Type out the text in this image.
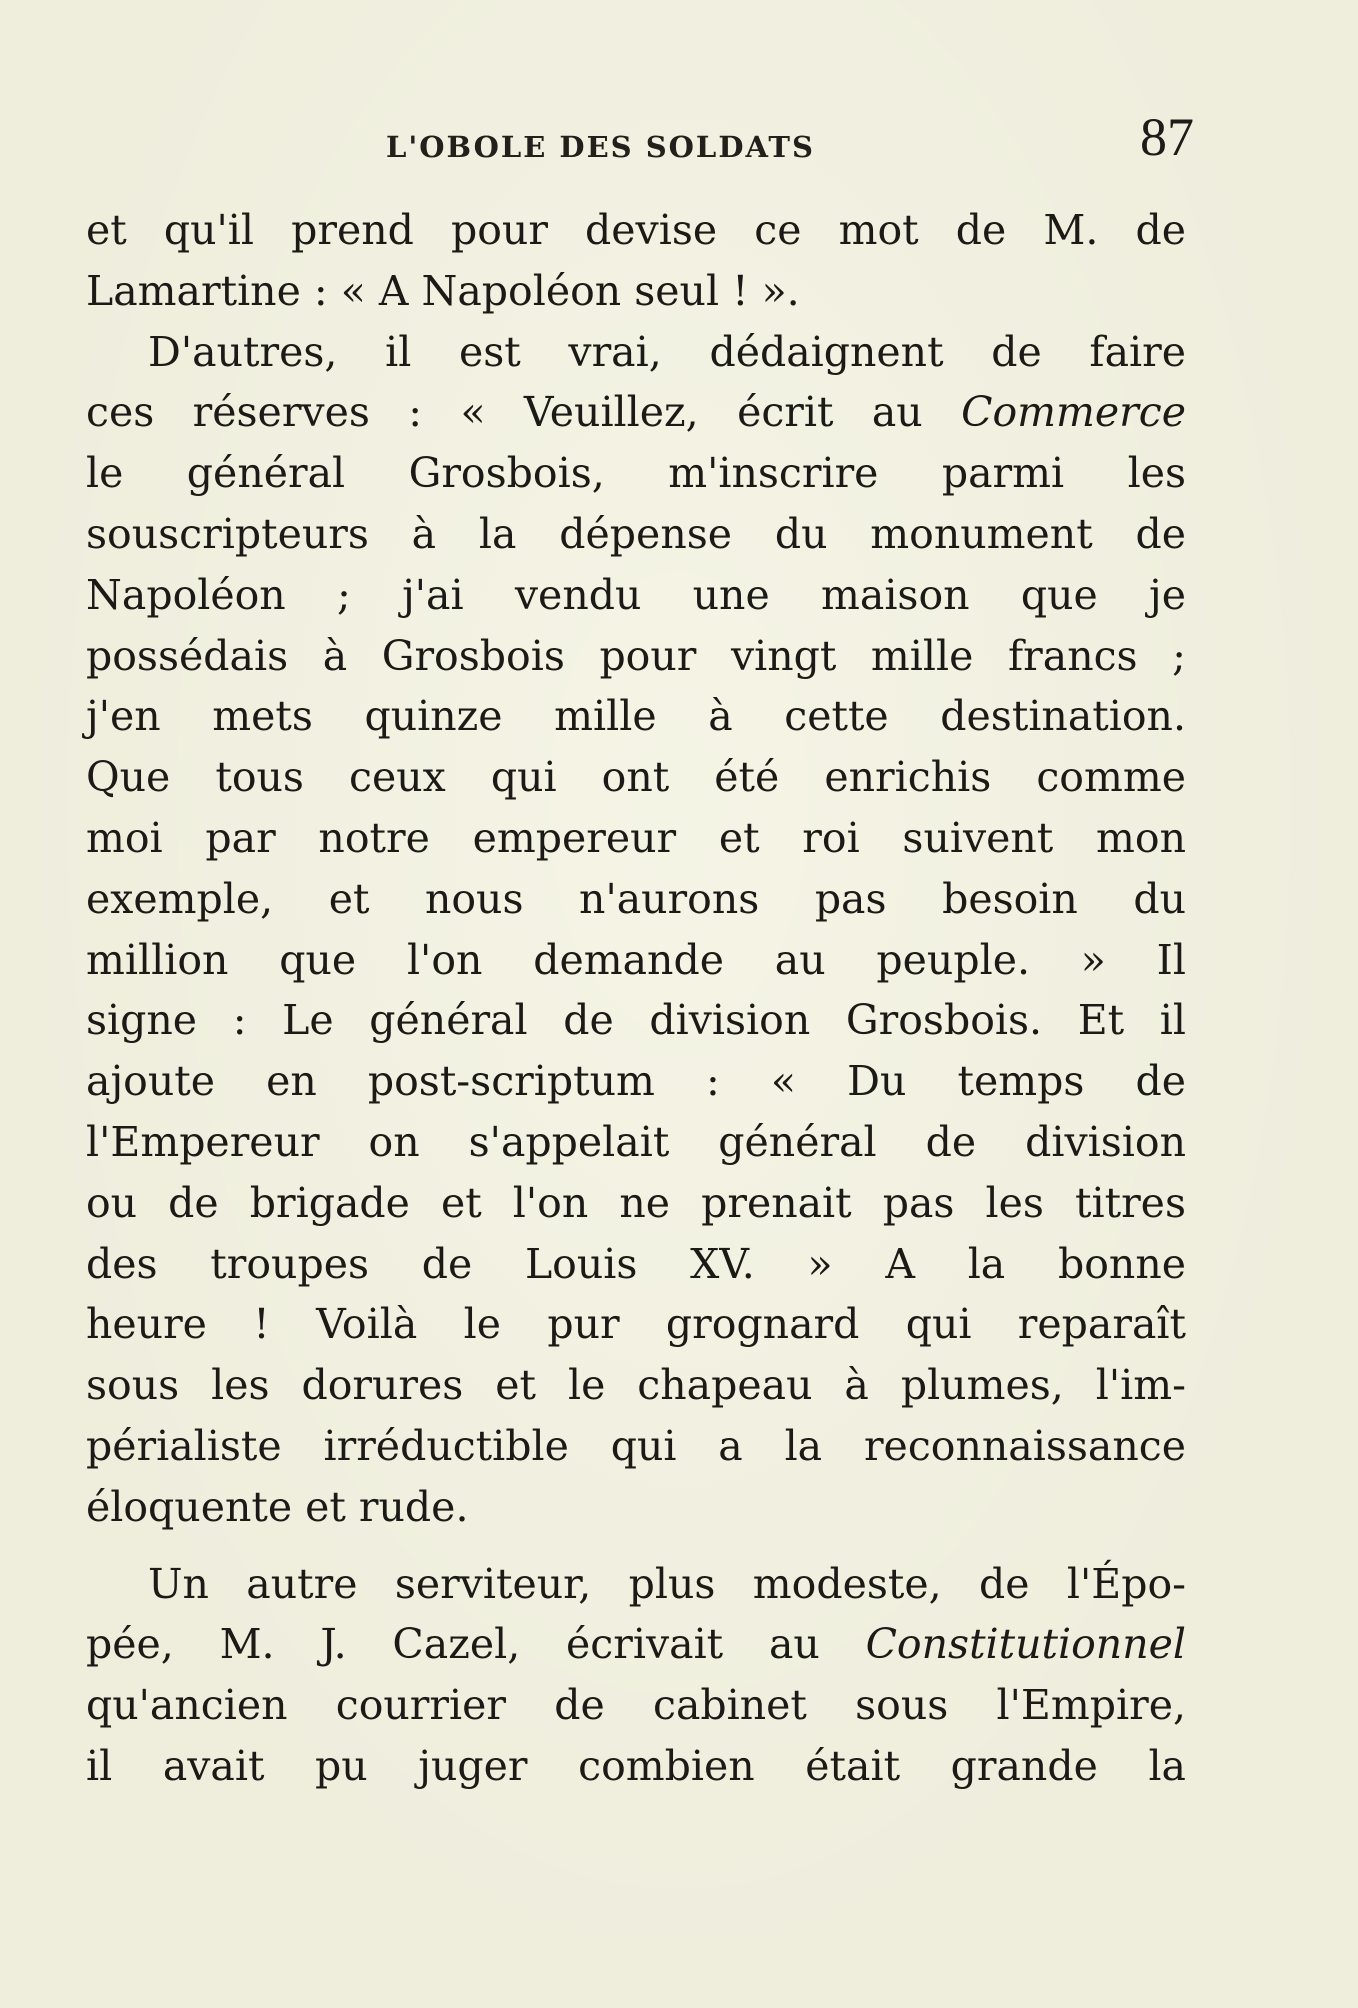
L'OBOLE DES SOLDATS	87
et qu'il prend pour devise ce mot de M. de
Lamartine : « A Napoléon seul ! ».
D'autres, il est vrai, dédaignent de faire
ces réserves : « Veuillez, écrit au Commerce
le général Grosbois, m'inscrire parmi les
souscripteurs à la dépense du monument de
Napoléon ; j'ai vendu une maison que je
possédais à Grosbois pour vingt mille francs ;
j'en mets quinze mille à cette destination.
Que tous ceux qui ont été enrichis comme
moi par notre empereur et roi suivent mon
exemple, et nous n'aurons pas besoin du
million que l'on demande au peuple. » Il
signe : Le général de division Grosbois. Et il
ajoute en post-scriptum : « Du temps de
l'Empereur on s'appelait général de division
ou de brigade et l'on ne prenait pas les titres
des troupes de Louis XV. » A la bonne
heure ! Voilà le pur grognard qui reparaît
sous les dorures et le chapeau à plumes, l'im-
périaliste irréductible qui a la reconnaissance
éloquente et rude.
Un autre serviteur, plus modeste, de l'Épo-
pée, M. J. Cazel, écrivait au Constitutionnel
qu'ancien courrier de cabinet sous l'Empire,
il avait pu juger combien était grande la
